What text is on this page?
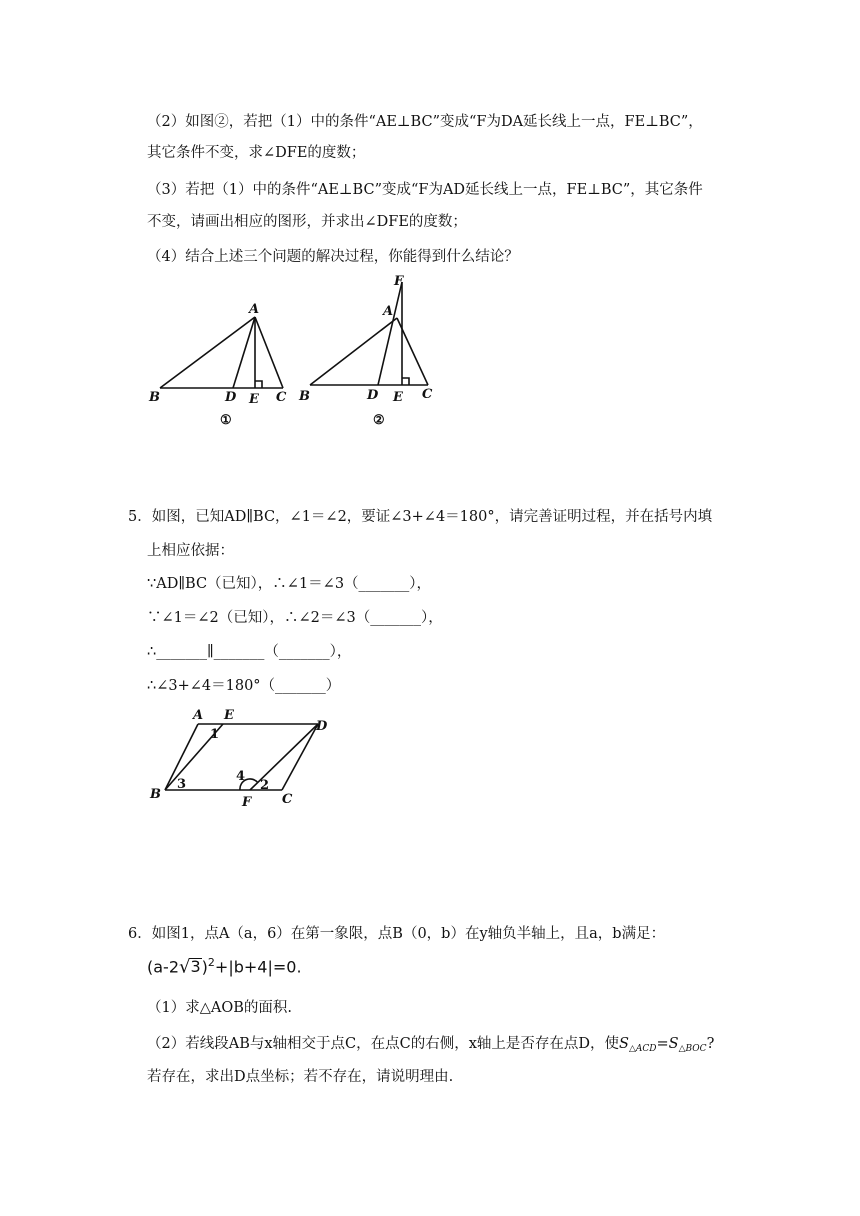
（2）如图②，若把（1）中的条件“AE⊥BC”变成“F为DA延长线上一点，FE⊥BC”，
其它条件不变，求∠DFE的度数；
（3）若把（1）中的条件“AE⊥BC”变成“F为AD延长线上一点，FE⊥BC”，其它条件
不变，请画出相应的图形，并求出∠DFE的度数；
（4）结合上述三个问题的解决过程，你能得到什么结论？
A
B	D E C
①
F
A
B	D E C
②
5．如图，已知AD∥BC，∠1＝∠2，要证∠3+∠4＝180°，请完善证明过程，并在括号内填
上相应依据：
∵AD∥BC（已知），∴∠1＝∠3（_______），
∵∠1＝∠2（已知），∴∠2＝∠3（_______），
∴_______∥_______（_______），
∴∠3+∠4＝180°（_______）
A E
D
B
F C
1
3
4
2
6．如图1，点A（a，6）在第一象限，点B（0，b）在y轴负半轴上，且a，b满足：
$(a-2√3)^2+|b+4|=0$.
（1）求△AOB的面积.
（2）若线段AB与x轴相交于点C，在点C的右侧，x轴上是否存在点D，使$S_{\triangle ACD}=S_{\triangle BOC}$?
若存在，求出D点坐标；若不存在，请说明理由.
